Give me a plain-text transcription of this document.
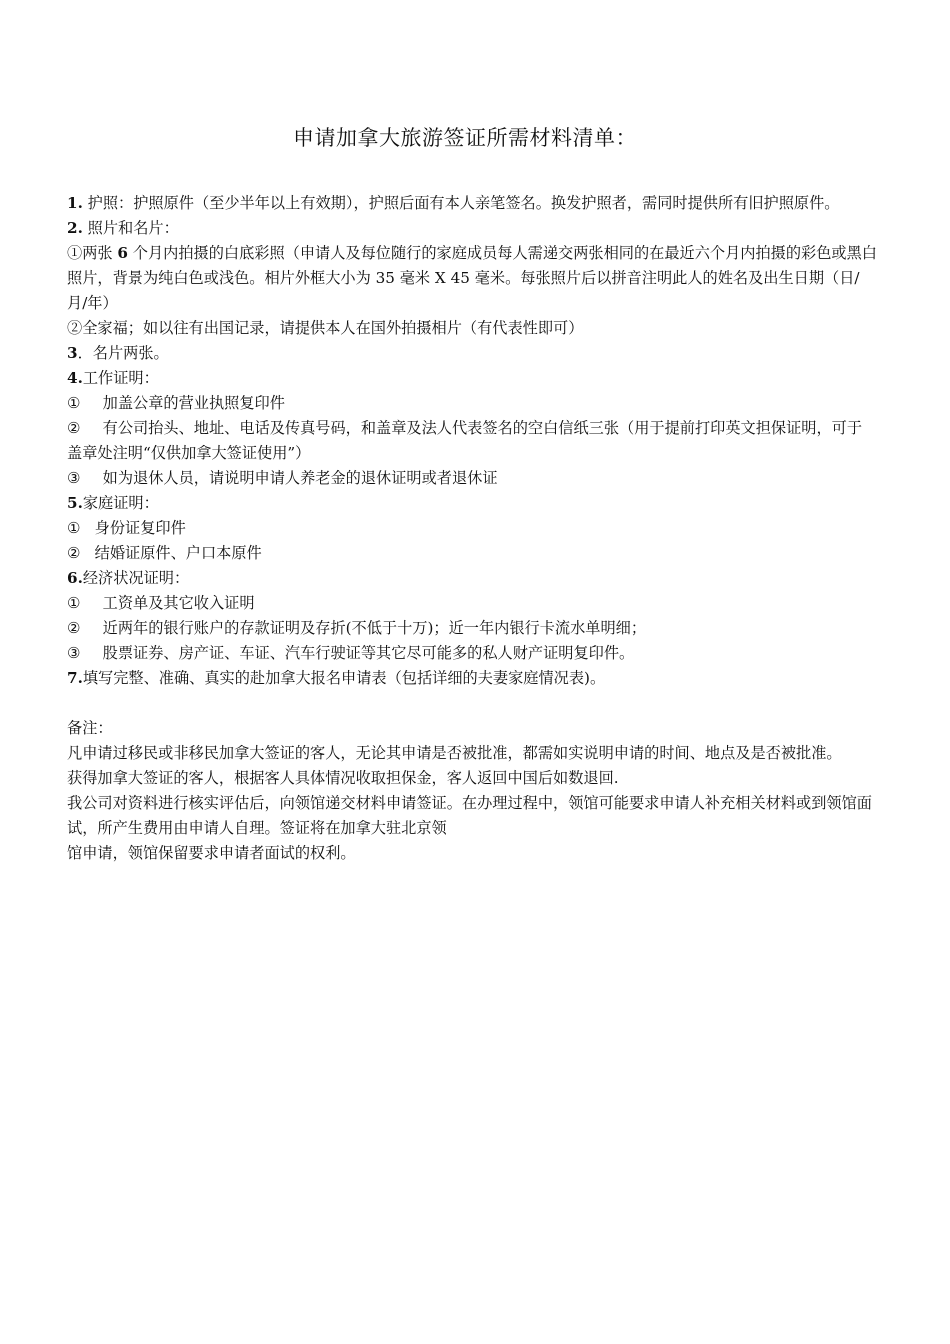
申请加拿大旅游签证所需材料清单：

1. 护照：护照原件（至少半年以上有效期），护照后面有本人亲笔签名。换发护照者，需同时提供所有旧护照原件。

2. 照片和名片：

①两张 6 个月内拍摄的白底彩照（申请人及每位随行的家庭成员每人需递交两张相同的在最近六个月内拍摄的彩色或黑白照片，背景为纯白色或浅色。相片外框大小为 35 毫米 X 45 毫米。每张照片后以拼音注明此人的姓名及出生日期（日/月/年）

②全家福；如以往有出国记录，请提供本人在国外拍摄相片（有代表性即可）

3．名片两张。

4.工作证明：

① 加盖公章的营业执照复印件

② 有公司抬头、地址、电话及传真号码，和盖章及法人代表签名的空白信纸三张（用于提前打印英文担保证明，可于盖章处注明“仅供加拿大签证使用”）

③ 如为退休人员，请说明申请人养老金的退休证明或者退休证

5.家庭证明：

① 身份证复印件

② 结婚证原件、户口本原件

6.经济状况证明：

① 工资单及其它收入证明

② 近两年的银行账户的存款证明及存折(不低于十万)；近一年内银行卡流水单明细；

③ 股票证券、房产证、车证、汽车行驶证等其它尽可能多的私人财产证明复印件。

7.填写完整、准确、真实的赴加拿大报名申请表（包括详细的夫妻家庭情况表)。

备注：

凡申请过移民或非移民加拿大签证的客人，无论其申请是否被批准，都需如实说明申请的时间、地点及是否被批准。

获得加拿大签证的客人，根据客人具体情况收取担保金，客人返回中国后如数退回.

我公司对资料进行核实评估后，向领馆递交材料申请签证。在办理过程中，领馆可能要求申请人补充相关材料或到领馆面试，所产生费用由申请人自理。签证将在加拿大驻北京领

馆申请，领馆保留要求申请者面试的权利。
